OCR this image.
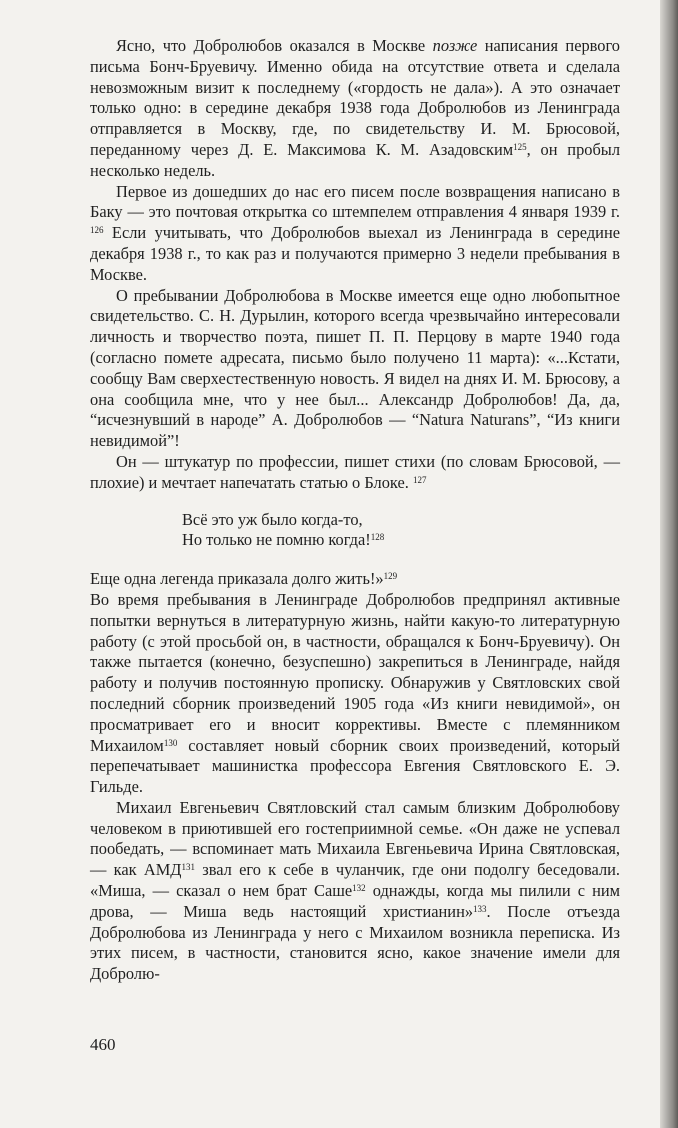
Ясно, что Добролюбов оказался в Москве позже написания первого письма Бонч-Бруевичу. Именно обида на отсутствие ответа и сделала невозможным визит к последнему («гордость не дала»). А это означает только одно: в середине декабря 1938 года Добролюбов из Ленинграда отправляется в Москву, где, по свидетельству И. М. Брюсовой, переданному через Д. Е. Максимова К. М. Азадовским$^{125}$, он пробыл несколько недель.

Первое из дошедших до нас его писем после возвращения написано в Баку — это почтовая открытка со штемпелем отправления 4 января 1939 г. $^{126}$ Если учитывать, что Добролюбов выехал из Ленинграда в середине декабря 1938 г., то как раз и получаются примерно 3 недели пребывания в Москве.

О пребывании Добролюбова в Москве имеется еще одно любопытное свидетельство. С. Н. Дурылин, которого всегда чрезвычайно интересовали личность и творчество поэта, пишет П. П. Перцову в марте 1940 года (согласно помете адресата, письмо было получено 11 марта): «...Кстати, сообщу Вам сверхестественную новость. Я видел на днях И. М. Брюсову, а она сообщила мне, что у нее был... Александр Добролюбов! Да, да, “исчезнувший в народе” А. Добролюбов — “Natura Naturans”, “Из книги невидимой”!

Он — штукатур по профессии, пишет стихи (по словам Брюсовой, — плохие) и мечтает напечатать статью о Блоке. $^{127}$

Всё это уж было когда-то,
Но только не помню когда!$^{128}$

Еще одна легенда приказала долго жить!»$^{129}$

Во время пребывания в Ленинграде Добролюбов предпринял активные попытки вернуться в литературную жизнь, найти какую-то литературную работу (с этой просьбой он, в частности, обращался к Бонч-Бруевичу). Он также пытается (конечно, безуспешно) закрепиться в Ленинграде, найдя работу и получив постоянную прописку. Обнаружив у Святловских свой последний сборник произведений 1905 года «Из книги невидимой», он просматривает его и вносит коррективы. Вместе с племянником Михаилом$^{130}$ составляет новый сборник своих произведений, который перепечатывает машинистка профессора Евгения Святловского Е. Э. Гильде.

Михаил Евгеньевич Святловский стал самым близким Добролюбову человеком в приютившей его гостеприимной семье. «Он даже не успевал пообедать, — вспоминает мать Михаила Евгеньевича Ирина Святловская, — как АМД$^{131}$ звал его к себе в чуланчик, где они подолгу беседовали. «Миша, — сказал о нем брат Саше$^{132}$ однажды, когда мы пилили с ним дрова, — Миша ведь настоящий христианин»$^{133}$. После отъезда Добролюбова из Ленинграда у него с Михаилом возникла переписка. Из этих писем, в частности, становится ясно, какое значение имели для Добролю-

460
